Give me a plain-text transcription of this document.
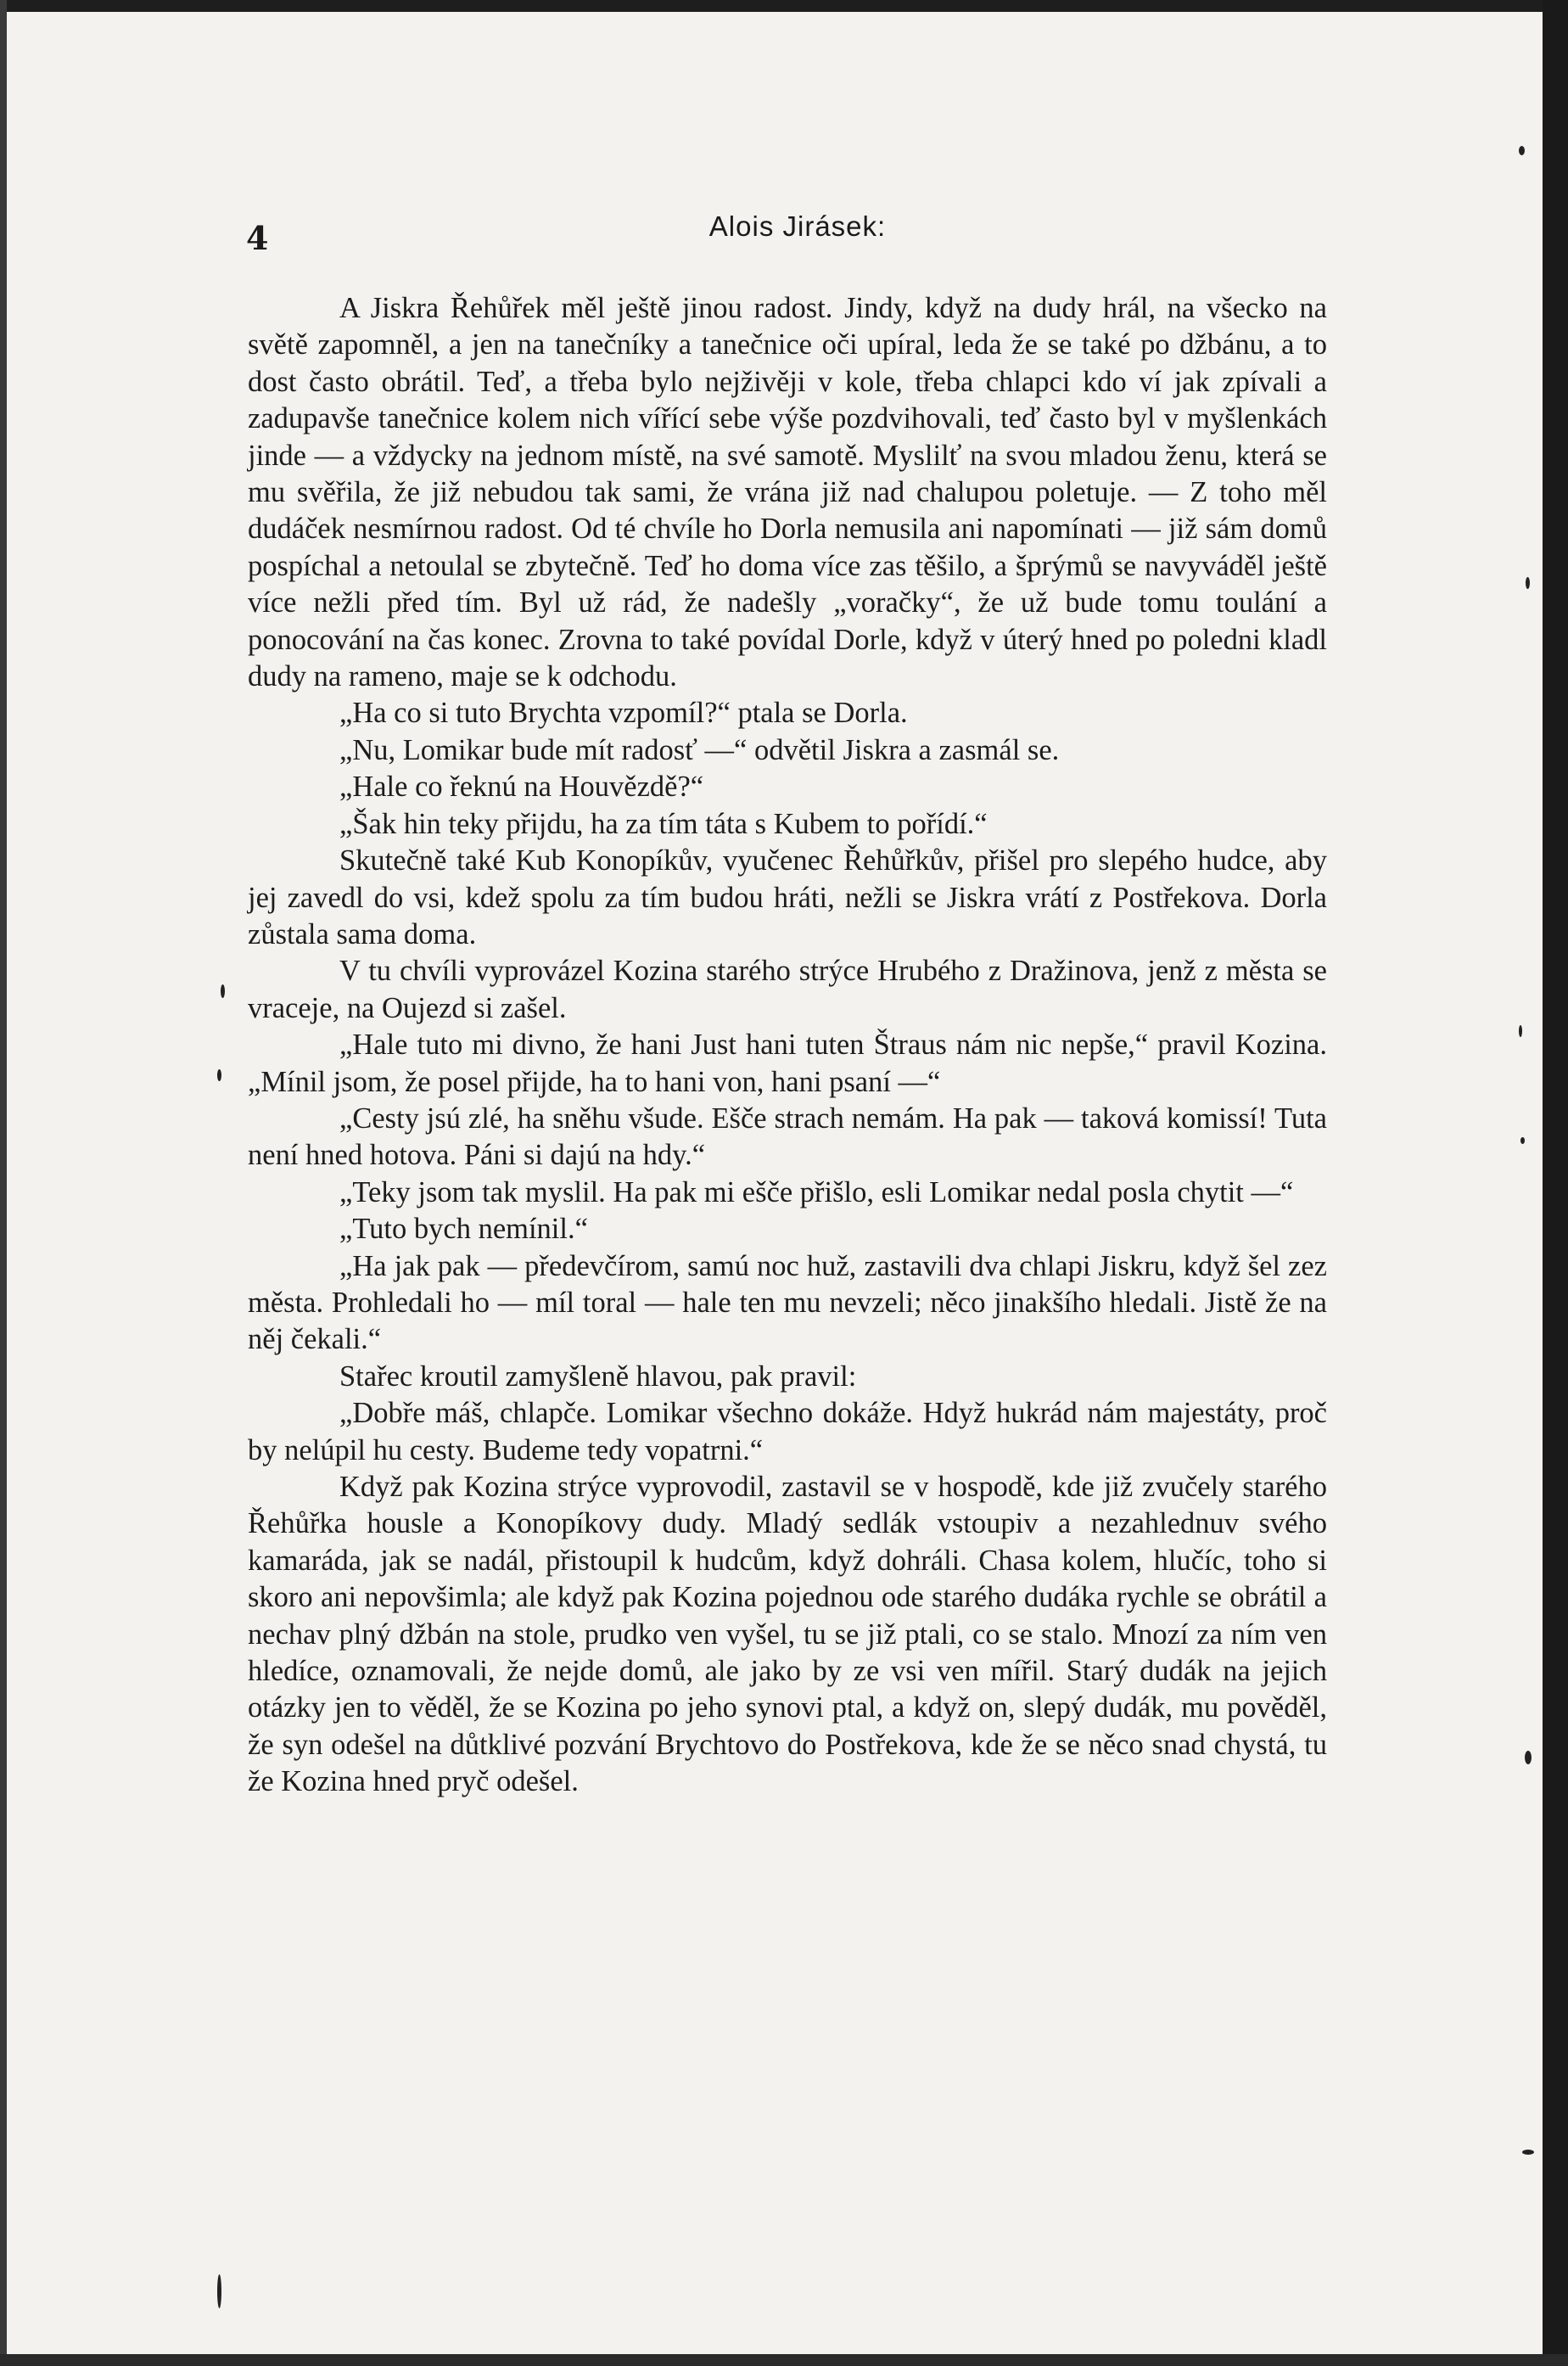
4	Alois Jirásek:

A Jiskra Řehůřek měl ještě jinou radost. Jindy, když na dudy hrál, na všecko na světě zapomněl, a jen na tanečníky a tanečnice oči upíral, leda že se také po džbánu, a to dost často obrátil. Teď, a třeba bylo nejživěji v kole, třeba chlapci kdo ví jak zpívali a zadupavše tanečnice kolem nich vířící sebe výše pozdvihovali, teď často byl v myšlenkách jinde — a vždycky na jednom místě, na své samotě. Myslilť na svou mladou ženu, která se mu svěřila, že již nebudou tak sami, že vrána již nad chalupou poletuje. — Z toho měl dudáček nesmírnou radost. Od té chvíle ho Dorla nemusila ani napomínati — již sám domů pospíchal a netoulal se zbytečně. Teď ho doma více zas těšilo, a šprýmů se navyváděl ještě více nežli před tím. Byl už rád, že nadešly „voračky“, že už bude tomu toulání a ponocování na čas konec. Zrovna to také povídal Dorle, když v úterý hned po poledni kladl dudy na rameno, maje se k odchodu.

„Ha co si tuto Brychta vzpomíl?“ ptala se Dorla.

„Nu, Lomikar bude mít radosť —“ odvětil Jiskra a zasmál se.

„Hale co řeknú na Houvězdě?“

„Šak hin teky přijdu, ha za tím táta s Kubem to pořídí.“

Skutečně také Kub Konopíkův, vyučenec Řehůřkův, přišel pro slepého hudce, aby jej zavedl do vsi, kdež spolu za tím budou hráti, nežli se Jiskra vrátí z Postřekova. Dorla zůstala sama doma.

V tu chvíli vyprovázel Kozina starého strýce Hrubého z Dražinova, jenž z města se vraceje, na Oujezd si zašel.

„Hale tuto mi divno, že hani Just hani tuten Štraus nám nic nepše,“ pravil Kozina. „Mínil jsom, že posel přijde, ha to hani von, hani psaní —“

„Cesty jsú zlé, ha sněhu všude. Ešče strach nemám. Ha pak — taková komissí! Tuta není hned hotova. Páni si dajú na hdy.“

„Teky jsom tak myslil. Ha pak mi ešče přišlo, esli Lomikar nedal posla chytit —“

„Tuto bych nemínil.“

„Ha jak pak — předevčírom, samú noc huž, zastavili dva chlapi Jiskru, když šel zez města. Prohledali ho — míl toral — hale ten mu nevzeli; něco jinakšího hledali. Jistě že na něj čekali.“

Stařec kroutil zamyšleně hlavou, pak pravil:

„Dobře máš, chlapče. Lomikar všechno dokáže. Hdyž hukrád nám majestáty, proč by nelúpil hu cesty. Budeme tedy vopatrni.“

Když pak Kozina strýce vyprovodil, zastavil se v hospodě, kde již zvučely starého Řehůřka housle a Konopíkovy dudy. Mladý sedlák vstoupiv a nezahlednuv svého kamaráda, jak se nadál, přistoupil k hudcům, když dohráli. Chasa kolem, hlučíc, toho si skoro ani nepovšimla; ale když pak Kozina pojednou ode starého dudáka rychle se obrátil a nechav plný džbán na stole, prudko ven vyšel, tu se již ptali, co se stalo. Mnozí za ním ven hledíce, oznamovali, že nejde domů, ale jako by ze vsi ven mířil. Starý dudák na jejich otázky jen to věděl, že se Kozina po jeho synovi ptal, a když on, slepý dudák, mu pověděl, že syn odešel na důtklivé pozvání Brychtovo do Postřekova, kde že se něco snad chystá, tu že Kozina hned pryč odešel.
